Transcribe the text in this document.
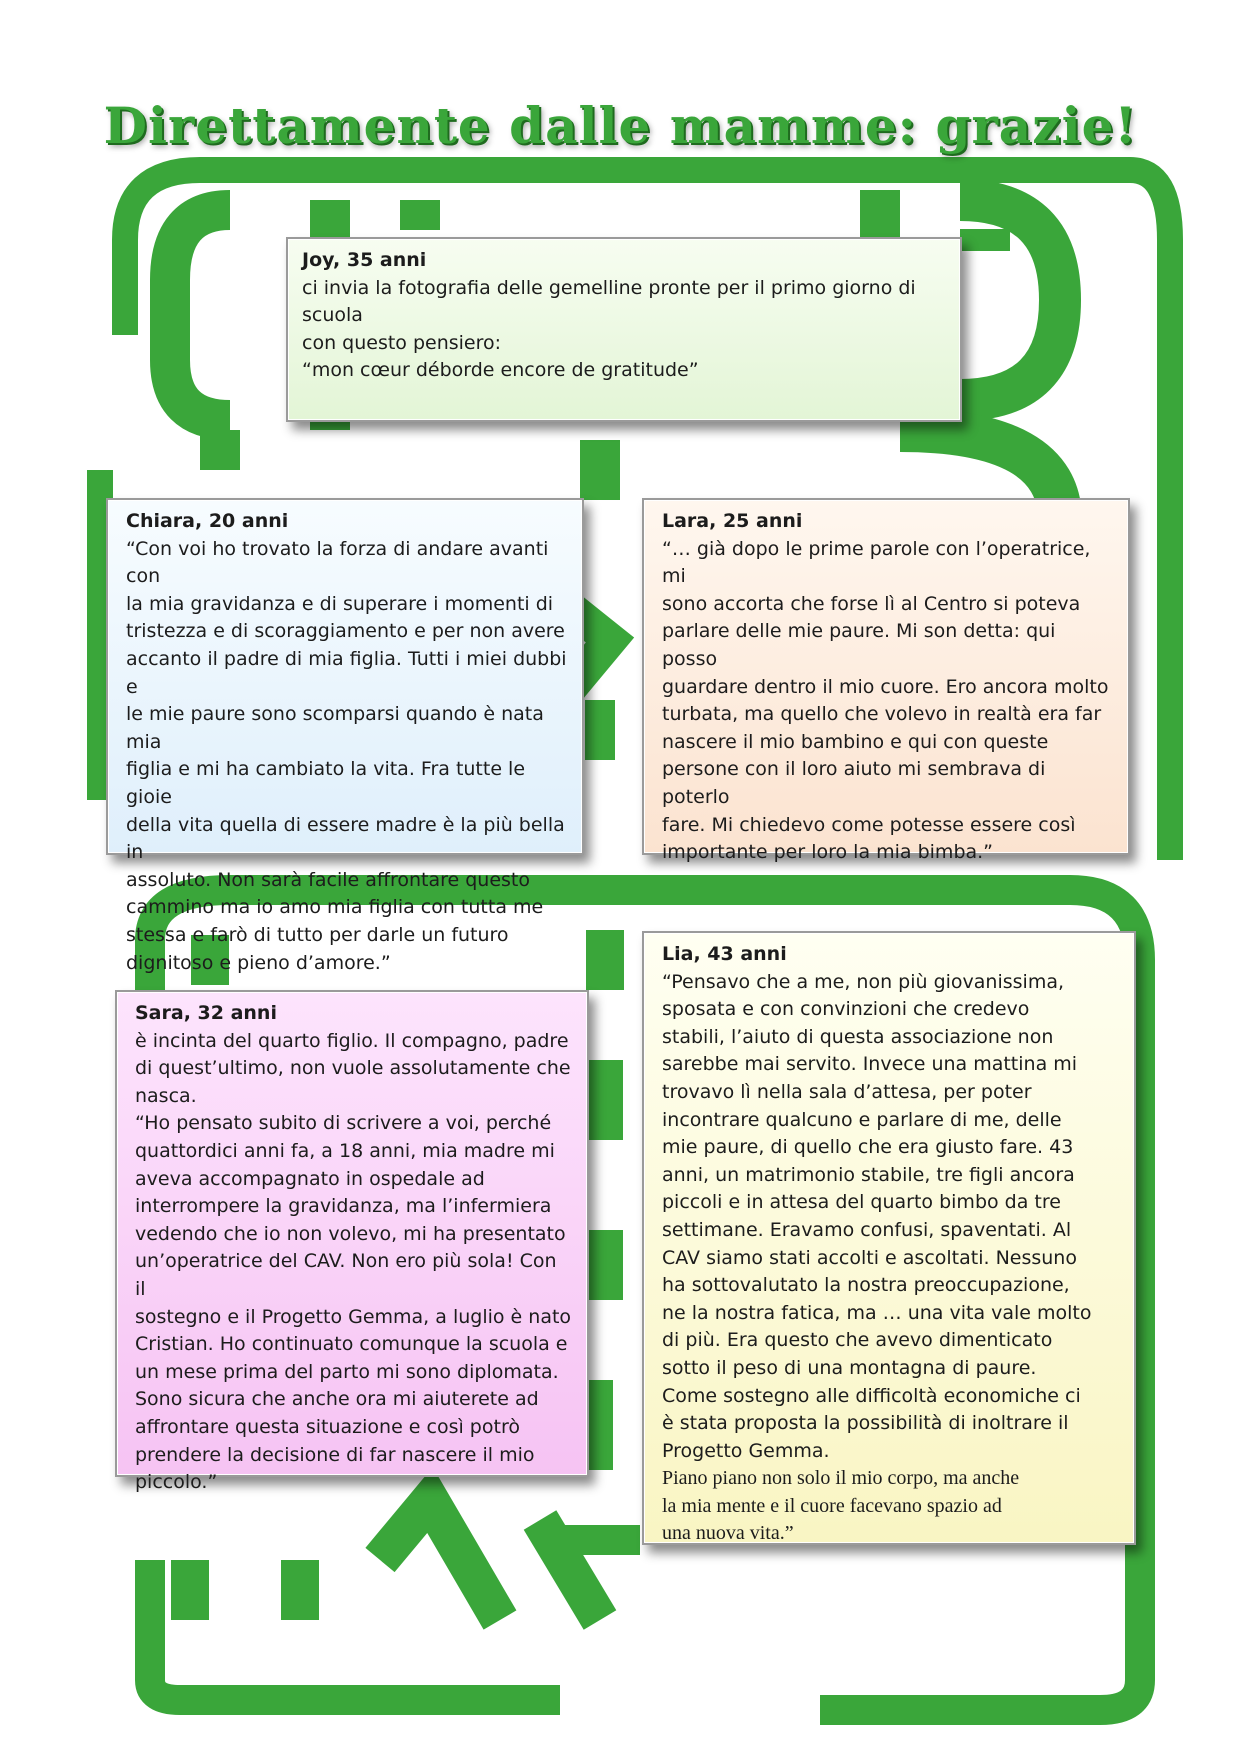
Direttamente dalle mamme: grazie!
Joy, 35 anni
ci invia la fotografia delle gemelline pronte per il primo giorno di scuola
con questo pensiero:
“mon cœur déborde encore de gratitude”
Chiara, 20 anni
“Con voi ho trovato la forza di andare avanti con
la mia gravidanza e di superare i momenti di
tristezza e di scoraggiamento e per non avere
accanto il padre di mia figlia. Tutti i miei dubbi e
le mie paure sono scomparsi quando è nata mia
figlia e mi ha cambiato la vita. Fra tutte le gioie
della vita quella di essere madre è la più bella in
assoluto. Non sarà facile affrontare questo
cammino ma io amo mia figlia con tutta me
stessa e farò di tutto per darle un futuro
dignitoso e pieno d’amore.”
Lara, 25 anni
“… già dopo le prime parole con l’operatrice, mi
sono accorta che forse lì al Centro si poteva
parlare delle mie paure. Mi son detta: qui posso
guardare dentro il mio cuore. Ero ancora molto
turbata, ma quello che volevo in realtà era far
nascere il mio bambino e qui con queste
persone con il loro aiuto mi sembrava di poterlo
fare. Mi chiedevo come potesse essere così
importante per loro la mia bimba.”
Sara, 32 anni
è incinta del quarto figlio. Il compagno, padre
di quest’ultimo, non vuole assolutamente che
nasca.
“Ho pensato subito di scrivere a voi, perché
quattordici anni fa, a 18 anni, mia madre mi
aveva accompagnato in ospedale ad
interrompere la gravidanza, ma l’infermiera
vedendo che io non volevo, mi ha presentato
un’operatrice del CAV. Non ero più sola! Con il
sostegno e il Progetto Gemma, a luglio è nato
Cristian. Ho continuato comunque la scuola e
un mese prima del parto mi sono diplomata.
Sono sicura che anche ora mi aiuterete ad
affrontare questa situazione e così potrò
prendere la decisione di far nascere il mio
piccolo.”
Lia, 43 anni
“Pensavo che a me, non più giovanissima,
sposata e con convinzioni che credevo
stabili, l’aiuto di questa associazione non
sarebbe mai servito. Invece una mattina mi
trovavo lì nella sala d’attesa, per poter
incontrare qualcuno e parlare di me, delle
mie paure, di quello che era giusto fare. 43
anni, un matrimonio stabile, tre figli ancora
piccoli e in attesa del quarto bimbo da tre
settimane. Eravamo confusi, spaventati. Al
CAV siamo stati accolti e ascoltati. Nessuno
ha sottovalutato la nostra preoccupazione,
ne la nostra fatica, ma … una vita vale molto
di più. Era questo che avevo dimenticato
sotto il peso di una montagna di paure.
Come sostegno alle difficoltà economiche ci
è stata proposta la possibilità di inoltrare il
Progetto Gemma.
Piano piano non solo il mio corpo, ma anche
la mia mente e il cuore facevano spazio ad
una nuova vita.”
